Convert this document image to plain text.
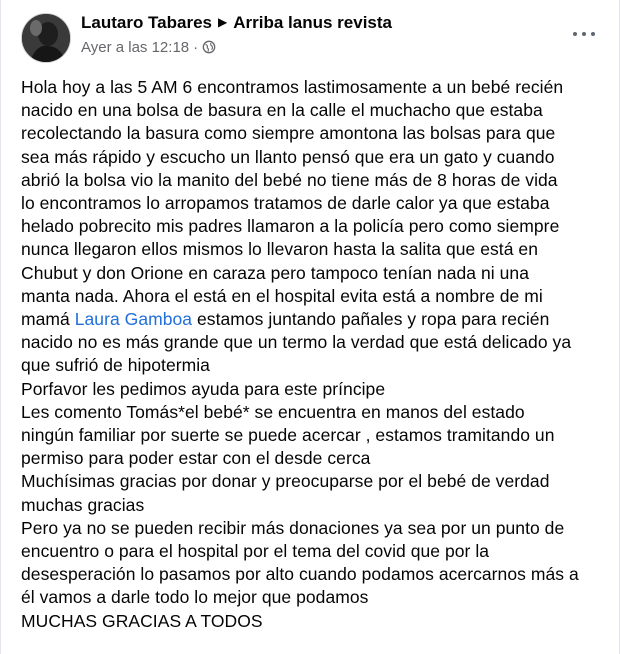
Lautaro Tabares ▶ Arriba lanus revista
Ayer a las 12:18 ·

Hola hoy a las 5 AM 6 encontramos lastimosamente a un bebé recién

nacido en una bolsa de basura en la calle el muchacho que estaba

recolectando la basura como siempre amontona las bolsas para que

sea más rápido y escucho un llanto pensó que era un gato y cuando

abrió la bolsa vio la manito del bebé no tiene más de 8 horas de vida

lo encontramos lo arropamos tratamos de darle calor ya que estaba

helado pobrecito mis padres llamaron a la policía pero como siempre

nunca llegaron ellos mismos lo llevaron hasta la salita que está en

Chubut y don Orione en caraza pero tampoco tenían nada ni una

manta nada. Ahora el está en el hospital evita está a nombre de mi

mamá Laura Gamboa estamos juntando pañales y ropa para recién

nacido no es más grande que un termo la verdad que está delicado ya

que sufrió de hipotermia

Porfavor les pedimos ayuda para este príncipe

Les comento Tomás*el bebé* se encuentra en manos del estado

ningún familiar por suerte se puede acercar , estamos tramitando un

permiso para poder estar con el desde cerca

Muchísimas gracias por donar y preocuparse por el bebé de verdad

muchas gracias

Pero ya no se pueden recibir más donaciones ya sea por un punto de

encuentro o para el hospital por el tema del covid que por la

desesperación lo pasamos por alto cuando podamos acercarnos más a

él vamos a darle todo lo mejor que podamos

MUCHAS GRACIAS A TODOS
